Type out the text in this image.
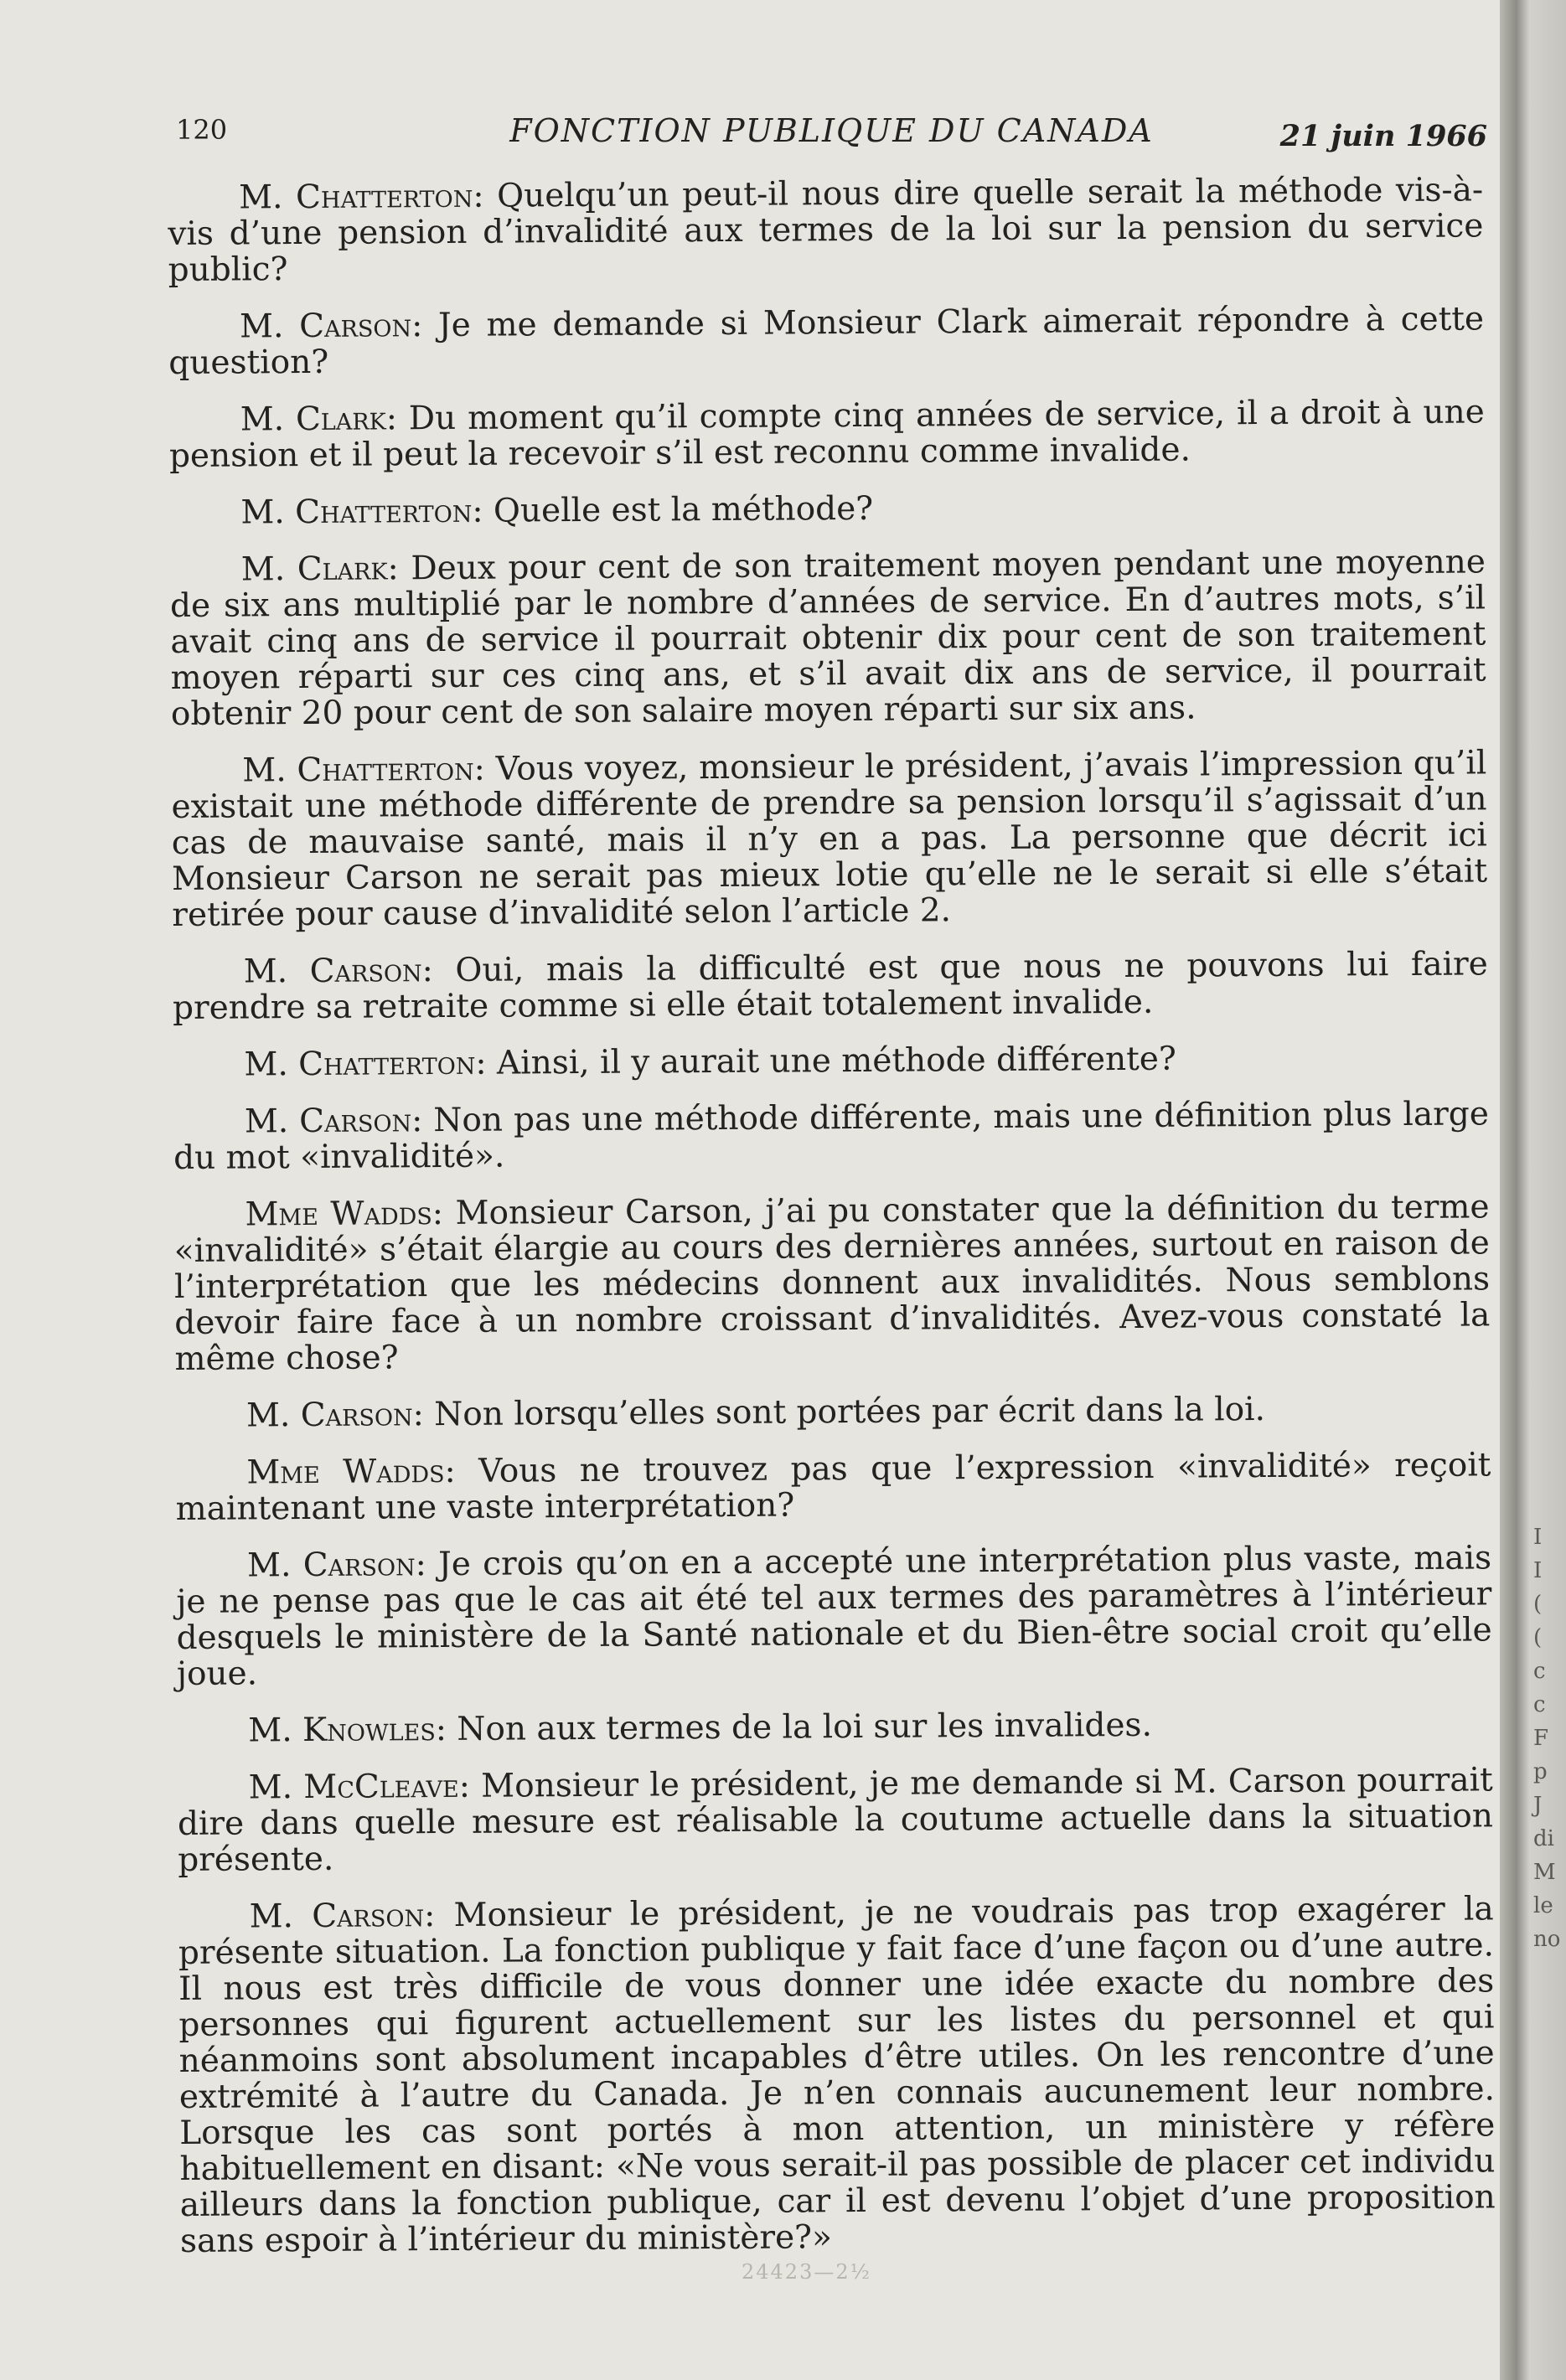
120	FONCTION PUBLIQUE DU CANADA	21 juin 1966

M. Chatterton: Quelqu’un peut-il nous dire quelle serait la méthode vis-à-vis d’une pension d’invalidité aux termes de la loi sur la pension du service public?

M. Carson: Je me demande si Monsieur Clark aimerait répondre à cette question?

M. Clark: Du moment qu’il compte cinq années de service, il a droit à une pension et il peut la recevoir s’il est reconnu comme invalide.

M. Chatterton: Quelle est la méthode?

M. Clark: Deux pour cent de son traitement moyen pendant une moyenne de six ans multiplié par le nombre d’années de service. En d’autres mots, s’il avait cinq ans de service il pourrait obtenir dix pour cent de son traitement moyen réparti sur ces cinq ans, et s’il avait dix ans de service, il pourrait obtenir 20 pour cent de son salaire moyen réparti sur six ans.

M. Chatterton: Vous voyez, monsieur le président, j’avais l’impression qu’il existait une méthode différente de prendre sa pension lorsqu’il s’agissait d’un cas de mauvaise santé, mais il n’y en a pas. La personne que décrit ici Monsieur Carson ne serait pas mieux lotie qu’elle ne le serait si elle s’était retirée pour cause d’invalidité selon l’article 2.

M. Carson: Oui, mais la difficulté est que nous ne pouvons lui faire prendre sa retraite comme si elle était totalement invalide.

M. Chatterton: Ainsi, il y aurait une méthode différente?

M. Carson: Non pas une méthode différente, mais une définition plus large du mot «invalidité».

Mme Wadds: Monsieur Carson, j’ai pu constater que la définition du terme «invalidité» s’était élargie au cours des dernières années, surtout en raison de l’interprétation que les médecins donnent aux invalidités. Nous semblons devoir faire face à un nombre croissant d’invalidités. Avez-vous constaté la même chose?

M. Carson: Non lorsqu’elles sont portées par écrit dans la loi.

Mme Wadds: Vous ne trouvez pas que l’expression «invalidité» reçoit maintenant une vaste interprétation?

M. Carson: Je crois qu’on en a accepté une interprétation plus vaste, mais je ne pense pas que le cas ait été tel aux termes des paramètres à l’intérieur desquels le ministère de la Santé nationale et du Bien-être social croit qu’elle joue.

M. Knowles: Non aux termes de la loi sur les invalides.

M. McCleave: Monsieur le président, je me demande si M. Carson pourrait dire dans quelle mesure est réalisable la coutume actuelle dans la situation présente.

M. Carson: Monsieur le président, je ne voudrais pas trop exagérer la présente situation. La fonction publique y fait face d’une façon ou d’une autre. Il nous est très difficile de vous donner une idée exacte du nombre des personnes qui figurent actuellement sur les listes du personnel et qui néanmoins sont absolument incapables d’être utiles. On les rencontre d’une extrémité à l’autre du Canada. Je n’en connais aucunement leur nombre. Lorsque les cas sont portés à mon attention, un ministère y réfère habituellement en disant: «Ne vous serait-il pas possible de placer cet individu ailleurs dans la fonction publique, car il est devenu l’objet d’une proposition sans espoir à l’intérieur du ministère?»

24423—2½
I
I
(
(
c
c
F
p
J
di
M
le
no
